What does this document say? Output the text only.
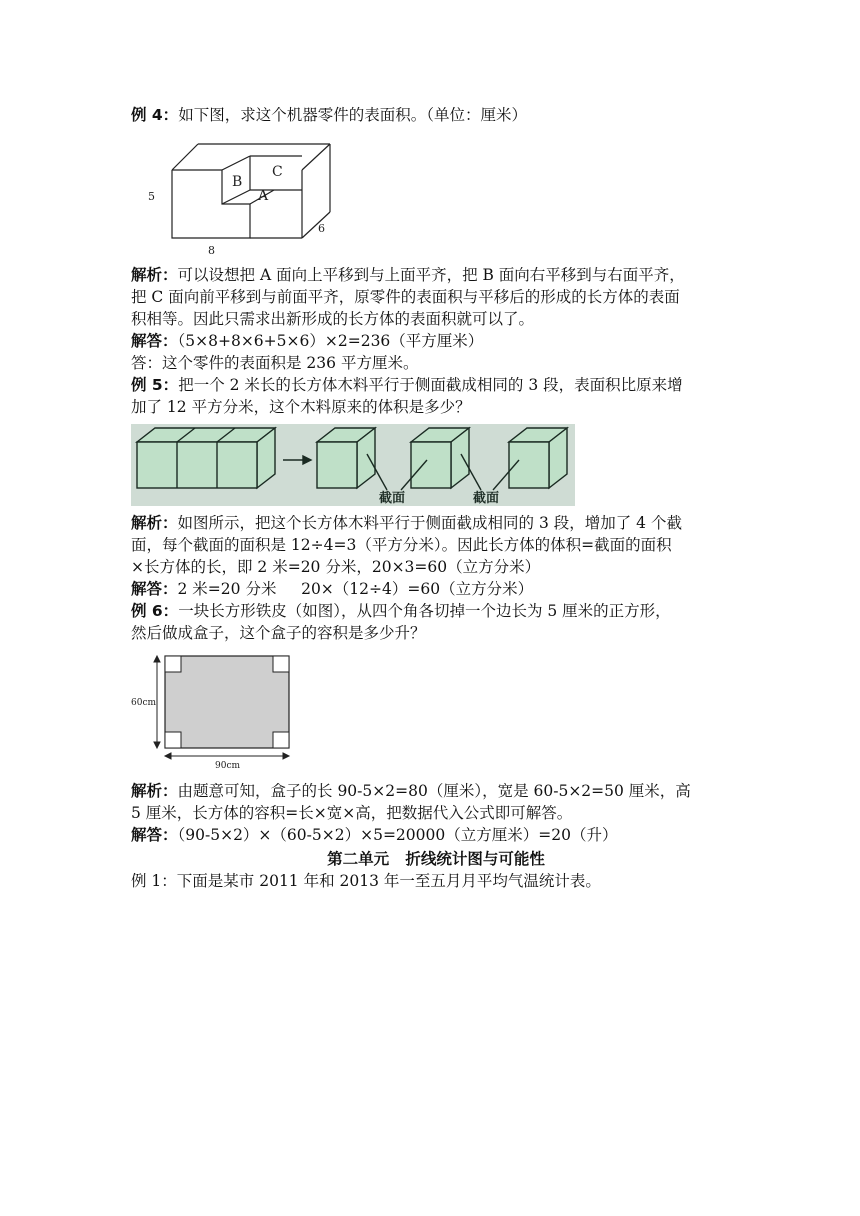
例 4：如下图，求这个机器零件的表面积。（单位：厘米）
B
C
A
5
8
6
解析：可以设想把 A 面向上平移到与上面平齐，把 B 面向右平移到与右面平齐，
把 C 面向前平移到与前面平齐，原零件的表面积与平移后的形成的长方体的表面
积相等。因此只需求出新形成的长方体的表面积就可以了。
解答：（5×8+8×6+5×6）×2=236（平方厘米）
答：这个零件的表面积是 236 平方厘米。
例 5：把一个 2 米长的长方体木料平行于侧面截成相同的 3 段，表面积比原来增
加了 12 平方分米，这个木料原来的体积是多少？
截面	截面
解析：如图所示，把这个长方体木料平行于侧面截成相同的 3 段，增加了 4 个截
面，每个截面的面积是 12÷4=3（平方分米）。因此长方体的体积=截面的面积
×长方体的长，即 2 米=20 分米，20×3=60（立方分米）
解答：2 米=20 分米     20×（12÷4）=60（立方分米）
例 6：一块长方形铁皮（如图），从四个角各切掉一个边长为 5 厘米的正方形，
然后做成盒子，这个盒子的容积是多少升？
60cm
90cm
解析：由题意可知，盒子的长 90-5×2=80（厘米），宽是 60-5×2=50 厘米，高
5 厘米，长方体的容积=长×宽×高，把数据代入公式即可解答。
解答：（90-5×2）×（60-5×2）×5=20000（立方厘米）=20（升）
第二单元   折线统计图与可能性
例 1：下面是某市 2011 年和 2013 年一至五月月平均气温统计表。
